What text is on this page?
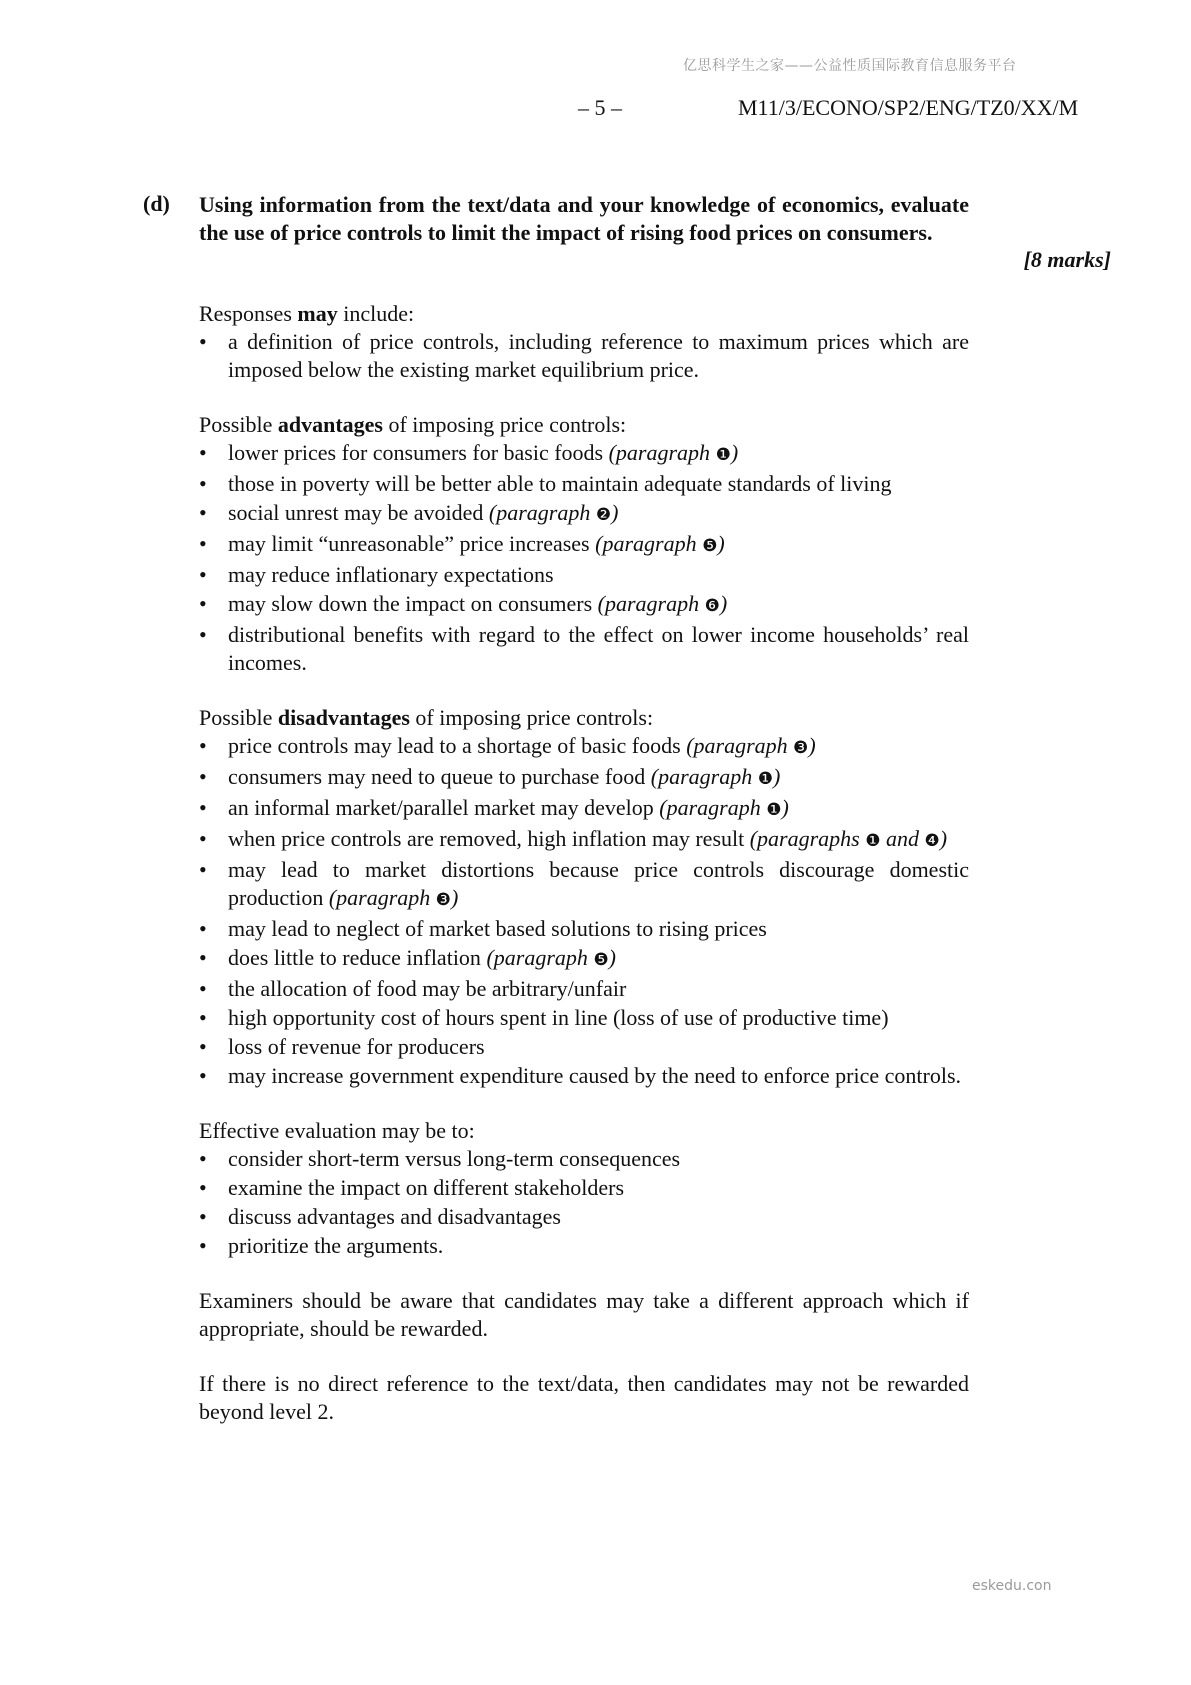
亿思科学生之家——公益性质国际教育信息服务平台
– 5 –	M11/3/ECONO/SP2/ENG/TZ0/XX/M
(d) Using information from the text/data and your knowledge of economics, evaluate the use of price controls to limit the impact of rising food prices on consumers.
[8 marks]

Responses may include:

• a definition of price controls, including reference to maximum prices which are imposed below the existing market equilibrium price.

Possible advantages of imposing price controls:

• lower prices for consumers for basic foods (paragraph ❶)
• those in poverty will be better able to maintain adequate standards of living
• social unrest may be avoided (paragraph ❷)
• may limit “unreasonable” price increases (paragraph ❺)
• may reduce inflationary expectations
• may slow down the impact on consumers (paragraph ❻)
• distributional benefits with regard to the effect on lower income households’ real incomes.

Possible disadvantages of imposing price controls:

• price controls may lead to a shortage of basic foods (paragraph ❸)
• consumers may need to queue to purchase food (paragraph ❶)
• an informal market/parallel market may develop (paragraph ❶)
• when price controls are removed, high inflation may result (paragraphs ❶ and ❹)
• may lead to market distortions because price controls discourage domestic production (paragraph ❸)
• may lead to neglect of market based solutions to rising prices
• does little to reduce inflation (paragraph ❺)
• the allocation of food may be arbitrary/unfair
• high opportunity cost of hours spent in line (loss of use of productive time)
• loss of revenue for producers
• may increase government expenditure caused by the need to enforce price controls.

Effective evaluation may be to:

• consider short-term versus long-term consequences
• examine the impact on different stakeholders
• discuss advantages and disadvantages
• prioritize the arguments.

Examiners should be aware that candidates may take a different approach which if appropriate, should be rewarded.

If there is no direct reference to the text/data, then candidates may not be rewarded beyond level 2.

eskedu.con
